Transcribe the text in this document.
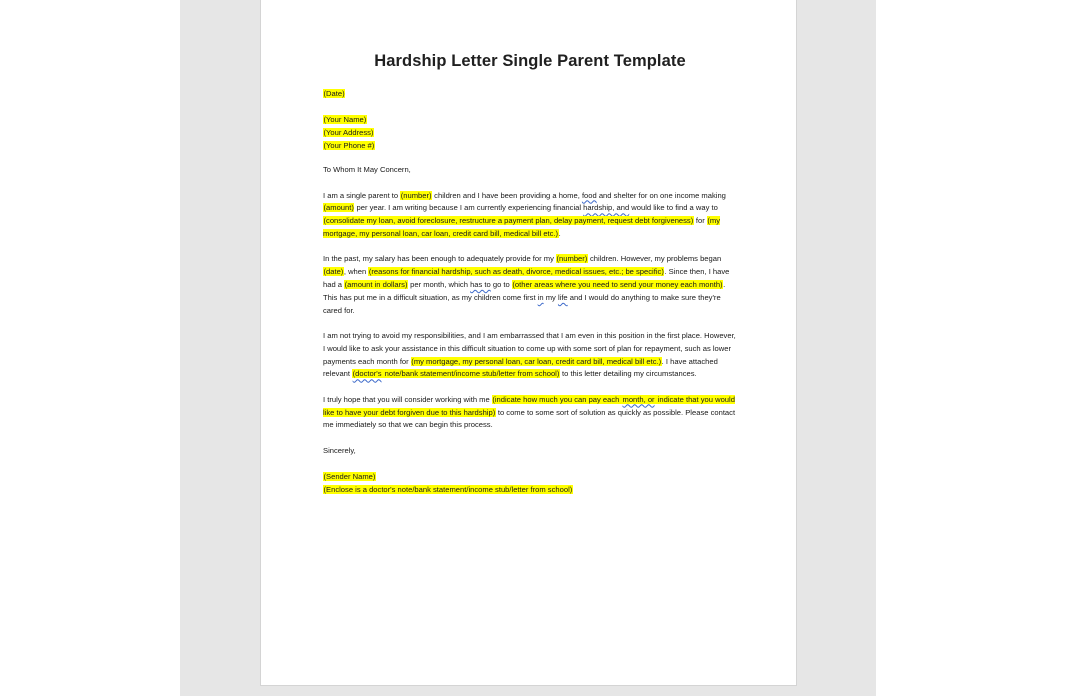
Hardship Letter Single Parent Template
(Date)
(Your Name)
(Your Address)
(Your Phone #)

To Whom It May Concern,

I am a single parent to (number) children and I have been providing a home, food and shelter for on one income making (amount) per year. I am writing because I am currently experiencing financial hardship, and would like to find a way to (consolidate my loan, avoid foreclosure, restructure a payment plan, delay payment, request debt forgiveness) for (my mortgage, my personal loan, car loan, credit card bill, medical bill etc.).

In the past, my salary has been enough to adequately provide for my (number) children. However, my problems began (date), when (reasons for financial hardship, such as death, divorce, medical issues, etc.; be specific). Since then, I have had a (amount in dollars) per month, which has to go to (other areas where you need to send your money each month). This has put me in a difficult situation, as my children come first in my life and I would do anything to make sure they're cared for.

I am not trying to avoid my responsibilities, and I am embarrassed that I am even in this position in the first place. However, I would like to ask your assistance in this difficult situation to come up with some sort of plan for repayment, such as lower payments each month for (my mortgage, my personal loan, car loan, credit card bill, medical bill etc.). I have attached relevant (doctor's note/bank statement/income stub/letter from school) to this letter detailing my circumstances.

I truly hope that you will consider working with me (indicate how much you can pay each month, or indicate that you would like to have your debt forgiven due to this hardship) to come to some sort of solution as quickly as possible. Please contact me immediately so that we can begin this process.

Sincerely,

(Sender Name)
(Enclose is a doctor's note/bank statement/income stub/letter from school)
